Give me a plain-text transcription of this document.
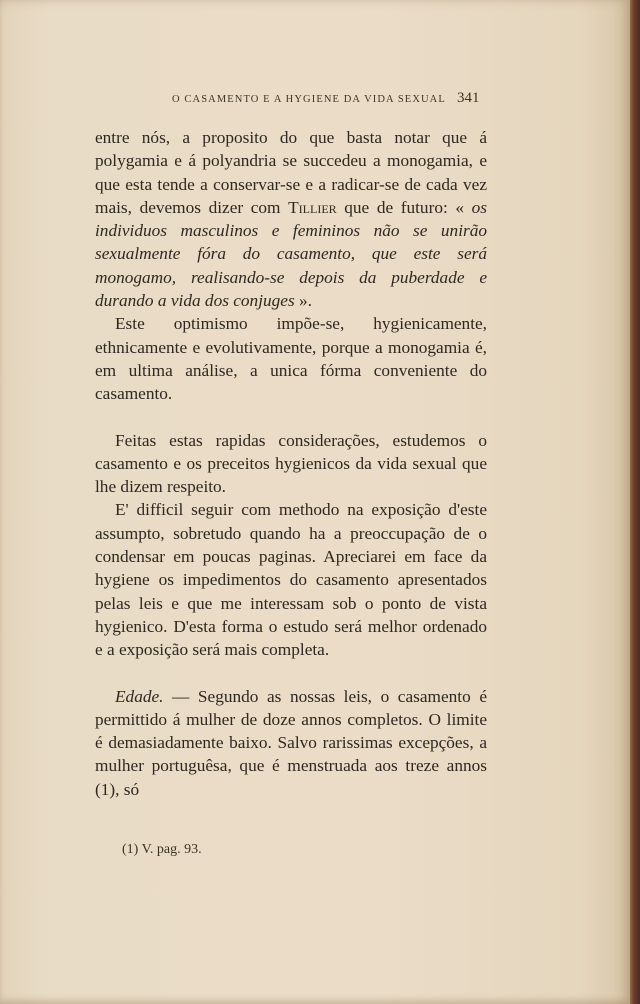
O CASAMENTO E A HYGIENE DA VIDA SEXUAL 341

entre nós, a proposito do que basta notar que á polygamia e á polyandria se succedeu a monogamia, e que esta tende a conservar-se e a radicar-se de cada vez mais, devemos dizer com Tillier que de futuro: « os individuos masculinos e femininos não se unirão sexualmente fóra do casamento, que este será monogamo, realisando-se depois da puberdade e durando a vida dos conjuges ».

Este optimismo impõe-se, hygienicamente, ethnicamente e evolutivamente, porque a monogamia é, em ultima análise, a unica fórma conveniente do casamento.

Feitas estas rapidas considerações, estudemos o casamento e os preceitos hygienicos da vida sexual que lhe dizem respeito.

E' difficil seguir com methodo na exposição d'este assumpto, sobretudo quando ha a preoccupação de o condensar em poucas paginas. Apreciarei em face da hygiene os impedimentos do casamento apresentados pelas leis e que me interessam sob o ponto de vista hygienico. D'esta forma o estudo será melhor ordenado e a exposição será mais completa.

Edade. — Segundo as nossas leis, o casamento é permittido á mulher de doze annos completos. O limite é demasiadamente baixo. Salvo rarissimas excepções, a mulher portuguêsa, que é menstruada aos treze annos (1), só

(1) V. pag. 93.
